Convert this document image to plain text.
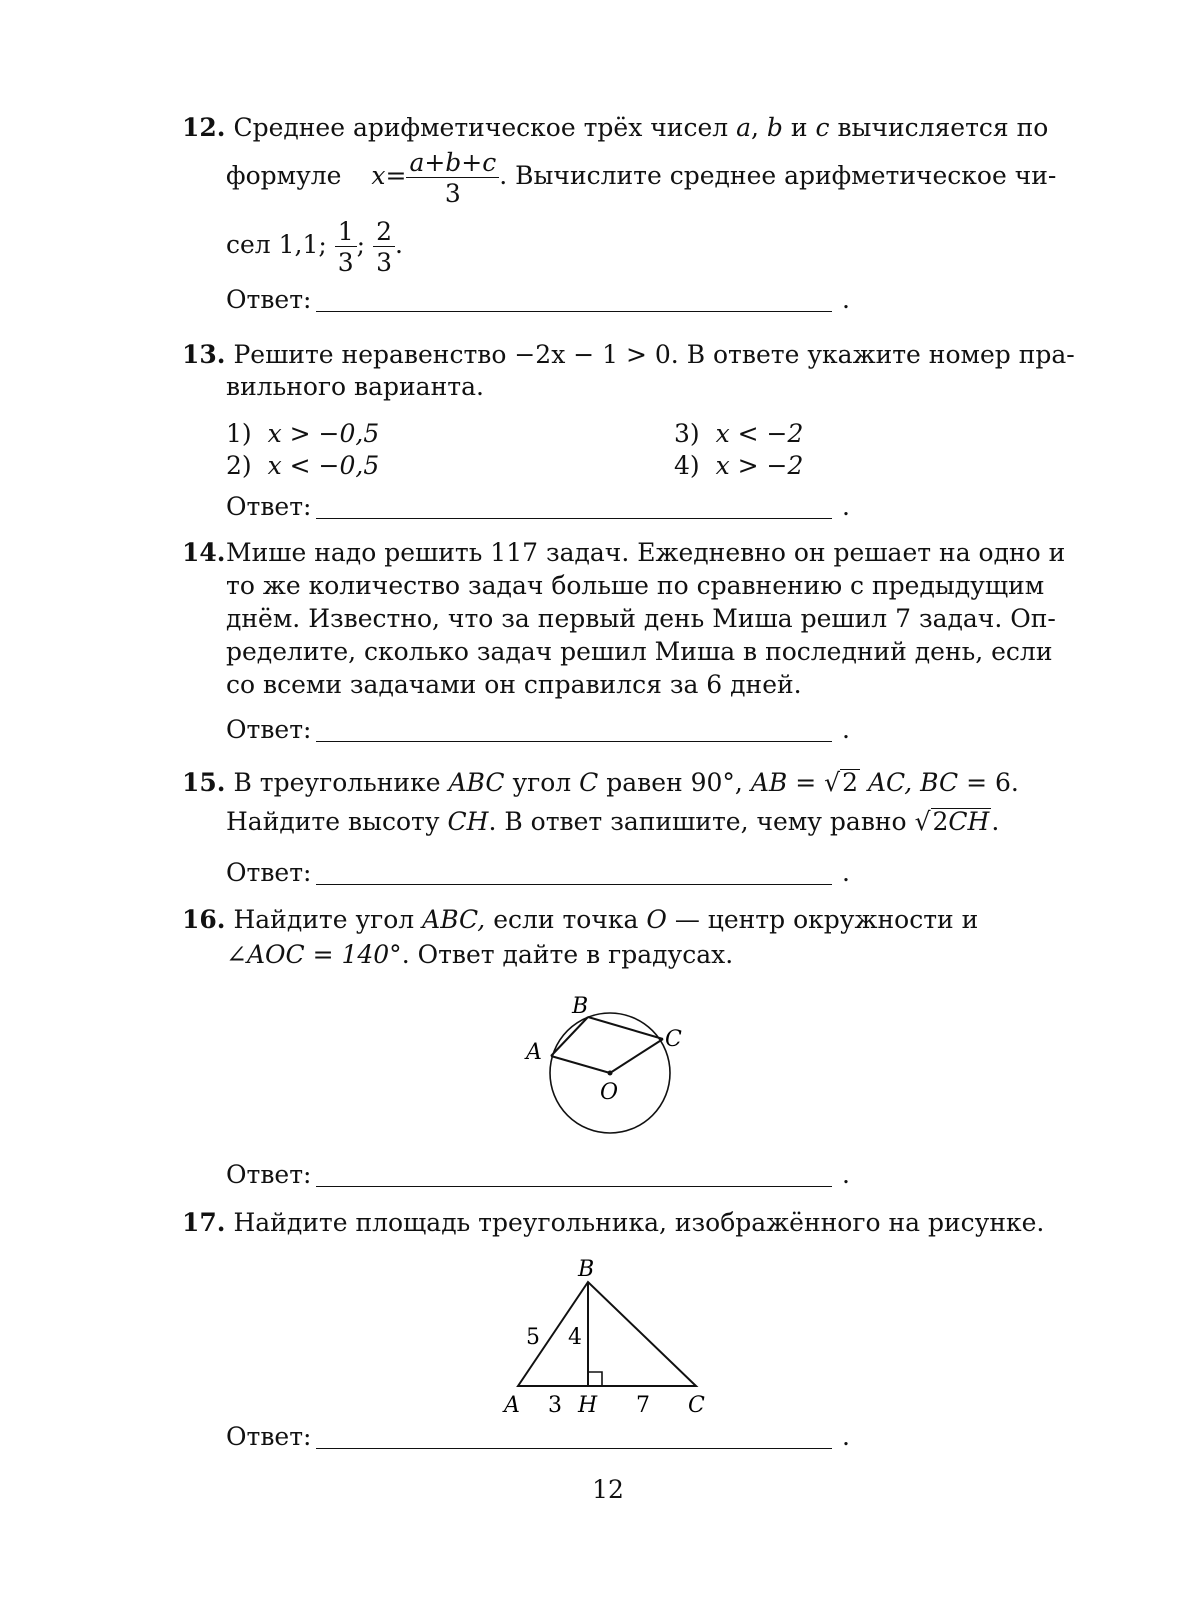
12. Среднее арифметическое трёх чисел a, b и c вычисляется по
формуле $x= \frac{a+b+c}{3}$ . Вычислите среднее арифметическое чи-
сел 1,1; $\frac{1}{3}$ ; $\frac{2}{3}$ .
Ответ:	.
13. Решите неравенство −2x − 1 > 0. В ответе укажите номер пра-
вильного варианта.
1) x > −0,5
2) x < −0,5
3) x < −2
4) x > −2
Ответ:	.
14. Мише надо решить 117 задач. Ежедневно он решает на одно и
то же количество задач больше по сравнению с предыдущим
днём. Известно, что за первый день Миша решил 7 задач. Оп-
ределите, сколько задач решил Миша в последний день, если
со всеми задачами он справился за 6 дней.
Ответ:	.
15. В треугольнике ABC угол C равен 90°, AB = √2 AC, BC = 6.
Найдите высоту CH. В ответ запишите, чему равно √2CH.
Ответ:	.
16. Найдите угол ABC, если точка O — центр окружности и
∠AOC = 140°. Ответ дайте в градусах.
B
C
A
O
Ответ:	.
17. Найдите площадь треугольника, изображённого на рисунке.
B
5 4
A 3 H 7 C
Ответ:	.
12
